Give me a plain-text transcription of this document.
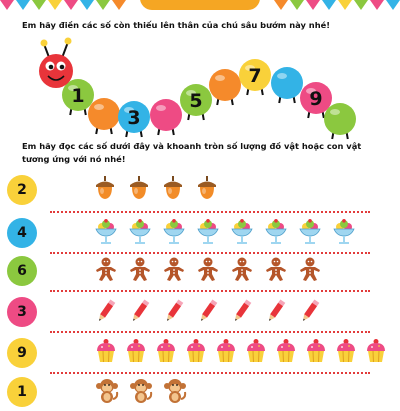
Em hãy điền các số còn thiếu lên thân của chú sâu bướm này nhé!
1
3
5
7
9
Em hãy đọc các số dưới đây và khoanh tròn số lượng đồ vật hoặc con vật tương ứng với nó nhé!
2
4
6
3
9
1
